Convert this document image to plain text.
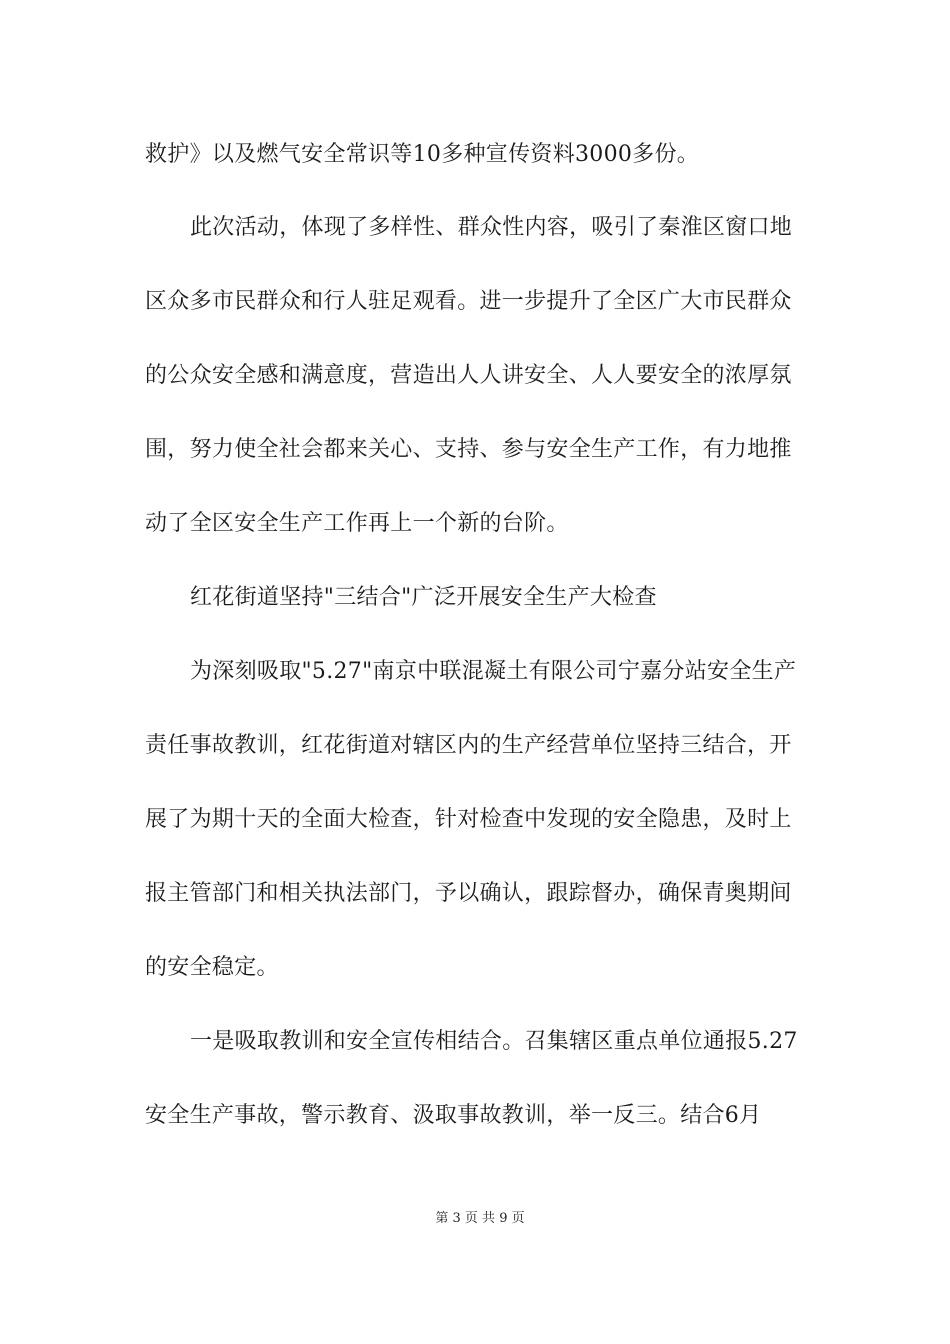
救护》以及燃气安全常识等10多种宣传资料3000多份。
此次活动，体现了多样性、群众性内容，吸引了秦淮区窗口地
区众多市民群众和行人驻足观看。进一步提升了全区广大市民群众
的公众安全感和满意度，营造出人人讲安全、人人要安全的浓厚氛
围，努力使全社会都来关心、支持、参与安全生产工作，有力地推
动了全区安全生产工作再上一个新的台阶。
红花街道坚持"三结合"广泛开展安全生产大检查
为深刻吸取"5.27"南京中联混凝土有限公司宁嘉分站安全生产
责任事故教训，红花街道对辖区内的生产经营单位坚持三结合，开
展了为期十天的全面大检查，针对检查中发现的安全隐患，及时上
报主管部门和相关执法部门，予以确认，跟踪督办，确保青奥期间
的安全稳定。
一是吸取教训和安全宣传相结合。召集辖区重点单位通报5.27
安全生产事故，警示教育、汲取事故教训，举一反三。结合6月
第 3 页 共 9 页
